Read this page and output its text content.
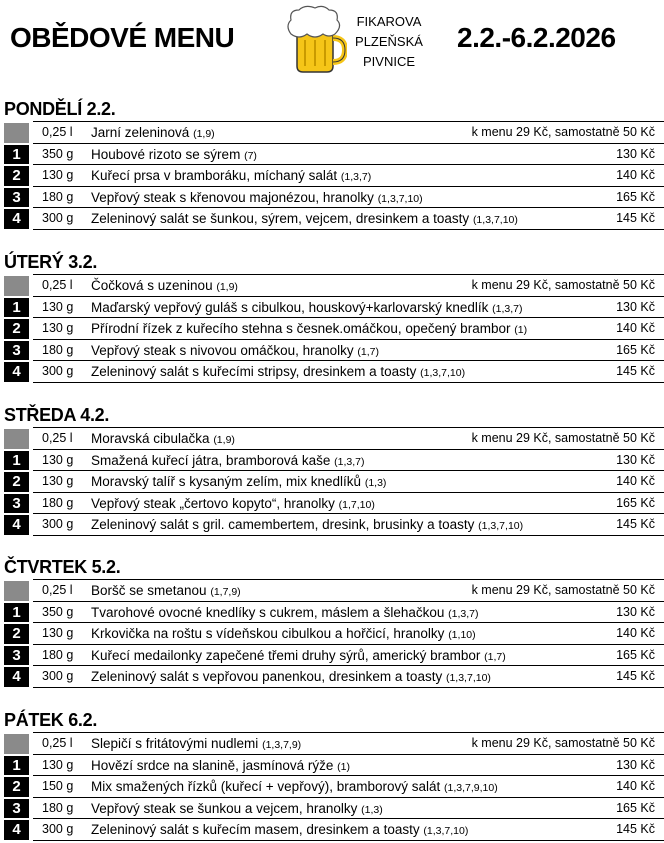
OBĚDOVÉ MENU
FIKAROVA
PLZEŇSKÁ
PIVNICE
2.2.-6.2.2026
PONDĚLÍ 2.2.
0,25 l Jarní zeleninová (1,9)	k menu 29 Kč, samostatně 50 Kč
1	350 g Houbové rizoto se sýrem (7)	130 Kč
2	130 g Kuřecí prsa v bramboráku, míchaný salát (1,3,7)	140 Kč
3	180 g Vepřový steak s křenovou majonézou, hranolky (1,3,7,10)	165 Kč
4	300 g Zeleninový salát se šunkou, sýrem, vejcem, dresinkem a toasty (1,3,7,10)	145 Kč
ÚTERÝ 3.2.
0,25 l Čočková s uzeninou (1,9)	k menu 29 Kč, samostatně 50 Kč
1	130 g Maďarský vepřový guláš s cibulkou, houskový+karlovarský knedlík (1,3,7)	130 Kč
2	130 g Přírodní řízek z kuřecího stehna s česnek.omáčkou, opečený brambor (1)	140 Kč
3	180 g Vepřový steak s nivovou omáčkou, hranolky (1,7)	165 Kč
4	300 g Zeleninový salát s kuřecími stripsy, dresinkem a toasty (1,3,7,10)	145 Kč
STŘEDA 4.2.
0,25 l Moravská cibulačka (1,9)	k menu 29 Kč, samostatně 50 Kč
1	130 g Smažená kuřecí játra, bramborová kaše (1,3,7)	130 Kč
2	130 g Moravský talíř s kysaným zelím, mix knedlíků (1,3)	140 Kč
3	180 g Vepřový steak „čertovo kopyto“, hranolky (1,7,10)	165 Kč
4	300 g Zeleninový salát s gril. camembertem, dresink, brusinky a toasty (1,3,7,10)	145 Kč
ČTVRTEK 5.2.
0,25 l Boršč se smetanou (1,7,9)	k menu 29 Kč, samostatně 50 Kč
1	350 g Tvarohové ovocné knedlíky s cukrem, máslem a šlehačkou (1,3,7)	130 Kč
2	130 g Krkovička na roštu s vídeňskou cibulkou a hořčicí, hranolky (1,10)	140 Kč
3	180 g Kuřecí medailonky zapečené třemi druhy sýrů, americký brambor (1,7)	165 Kč
4	300 g Zeleninový salát s vepřovou panenkou, dresinkem a toasty (1,3,7,10)	145 Kč
PÁTEK 6.2.
0,25 l Slepičí s fritátovými nudlemi (1,3,7,9)	k menu 29 Kč, samostatně 50 Kč
1	130 g Hovězí srdce na slanině, jasmínová rýže (1)	130 Kč
2	150 g Mix smažených řízků (kuřecí + vepřový), bramborový salát (1,3,7,9,10)	140 Kč
3	180 g Vepřový steak se šunkou a vejcem, hranolky (1,3)	165 Kč
4	300 g Zeleninový salát s kuřecím masem, dresinkem a toasty (1,3,7,10)	145 Kč
